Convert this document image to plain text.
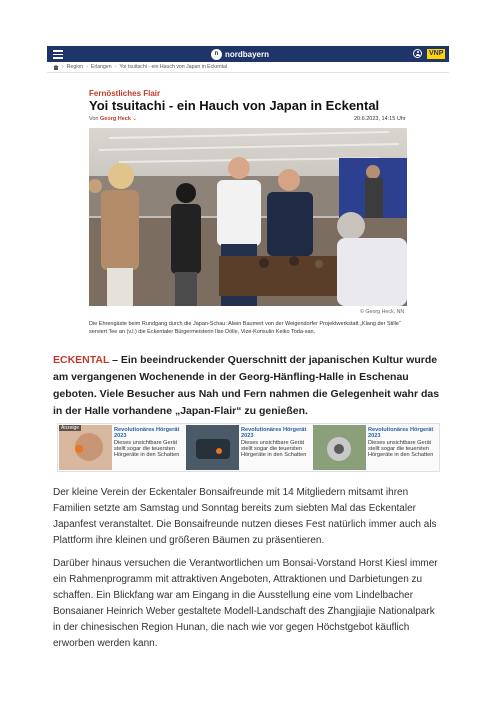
n nordbayern	VNP
› Region › Erlangen › Yoi tsuitachi - ein Hauch von Japan in Eckental
Fernöstliches Flair
Yoi tsuitachi - ein Hauch von Japan in Eckental
Von Georg Heck ⌄	20.6.2023, 14:15 Uhr
© Georg Heck, NN
Die Ehrengäste beim Rundgang durch die Japan-Schau: Alwin Baumert von der Weigendorfer Projektwerkstatt „Klang der Stille“ serviert Tee an (v.l.) die Eckentaler Bürgermeisterin Ilse Dölle, Vize-Konsulin Keiko Toda-san,
ECKENTAL – Ein beeindruckender Querschnitt der japanischen Kultur wurde am vergangenen Wochenende in der Georg-Hänfling-Halle in Eschenau geboten. Viele Besucher aus Nah und Fern nahmen die Gelegenheit wahr das in der Halle vorhandene „Japan-Flair“ zu genießen.
Anzeige	Revolutionäres Hörgerät 2023
Dieses unsichtbare Gerät stellt sogar die teuersten Hörgeräte in den Schatten
Revolutionäres Hörgerät 2023
Dieses unsichtbare Gerät stellt sogar die teuersten Hörgeräte in den Schatten
Revolutionäres Hörgerät 2023
Dieses unsichtbare Gerät stellt sogar die teuersten Hörgeräte in den Schatten
Der kleine Verein der Eckentaler Bonsaifreunde mit 14 Mitgliedern mitsamt ihren Familien setzte am Samstag und Sonntag bereits zum siebten Mal das Eckentaler Japanfest veranstaltet. Die Bonsaifreunde nutzen dieses Fest natürlich immer auch als Plattform ihre kleinen und größeren Bäumen zu präsentieren.
Darüber hinaus versuchen die Verantwortlichen um Bonsai-Vorstand Horst Kiesl immer ein Rahmenprogramm mit attraktiven Angeboten, Attraktionen und Darbietungen zu schaffen. Ein Blickfang war am Eingang in die Ausstellung eine vom Lindelbacher Bonsaianer Heinrich Weber gestaltete Modell-Landschaft des Zhangjiajie Nationalpark in der chinesischen Region Hunan, die nach wie vor gegen Höchstgebot käuflich erworben werden kann.
